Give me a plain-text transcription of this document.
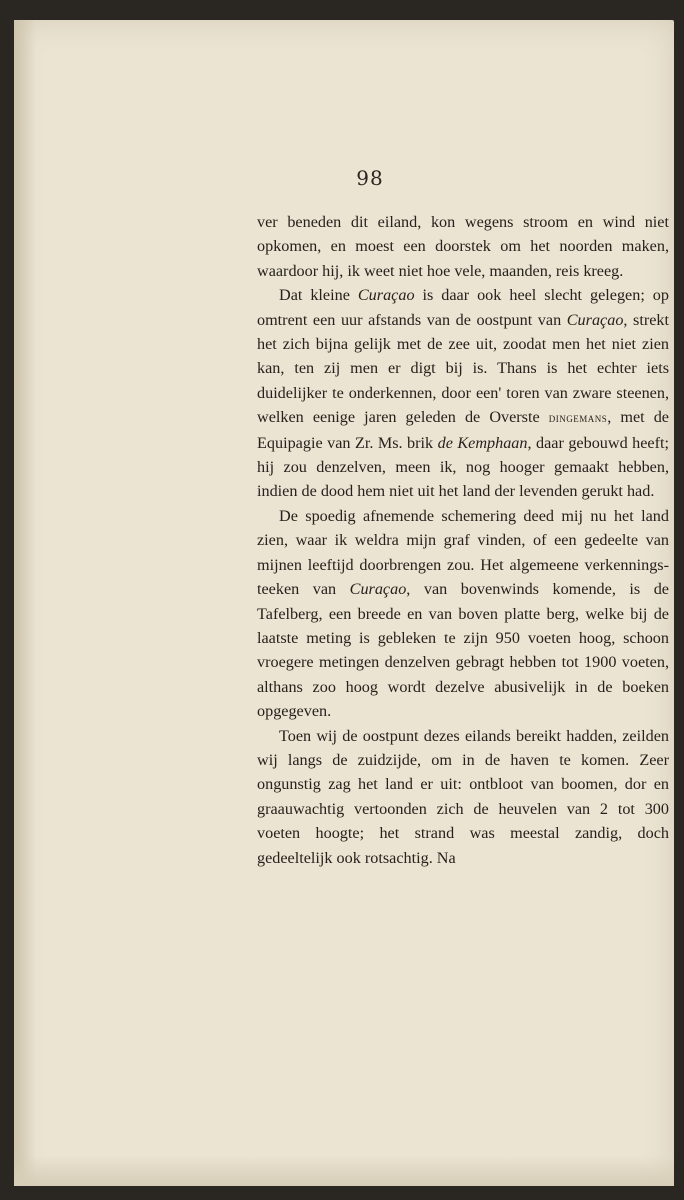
98

ver beneden dit eiland, kon wegens stroom en wind niet opkomen, en moest een doorstek om het noorden maken, waardoor hij, ik weet niet hoe vele, maanden, reis kreeg.

Dat kleine Curaçao is daar ook heel slecht gelegen; op omtrent een uur afstands van de oostpunt van Curaçao, strekt het zich bijna gelijk met de zee uit, zoodat men het niet zien kan, ten zij men er digt bij is. Thans is het echter iets duidelijker te onderkennen, door een' toren van zware steenen, welken eenige jaren geleden de Overste dingemans, met de Equipagie van Zr. Ms. brik de Kemphaan, daar gebouwd heeft; hij zou denzelven, meen ik, nog hooger gemaakt hebben, indien de dood hem niet uit het land der levenden gerukt had.

De spoedig afnemende schemering deed mij nu het land zien, waar ik weldra mijn graf vinden, of een gedeelte van mijnen leeftijd doorbrengen zou. Het algemeene verkennings-teeken van Curaçao, van bovenwinds komende, is de Tafelberg, een breede en van boven platte berg, welke bij de laatste meting is gebleken te zijn 950 voeten hoog, schoon vroegere metingen denzelven gebragt hebben tot 1900 voeten, althans zoo hoog wordt dezelve abusivelijk in de boeken opgegeven.

Toen wij de oostpunt dezes eilands bereikt hadden, zeilden wij langs de zuidzijde, om in de haven te komen. Zeer ongunstig zag het land er uit: ontbloot van boomen, dor en graauwachtig vertoonden zich de heuvelen van 2 tot 300 voeten hoogte; het strand was meestal zandig, doch gedeeltelijk ook rotsachtig. Na
